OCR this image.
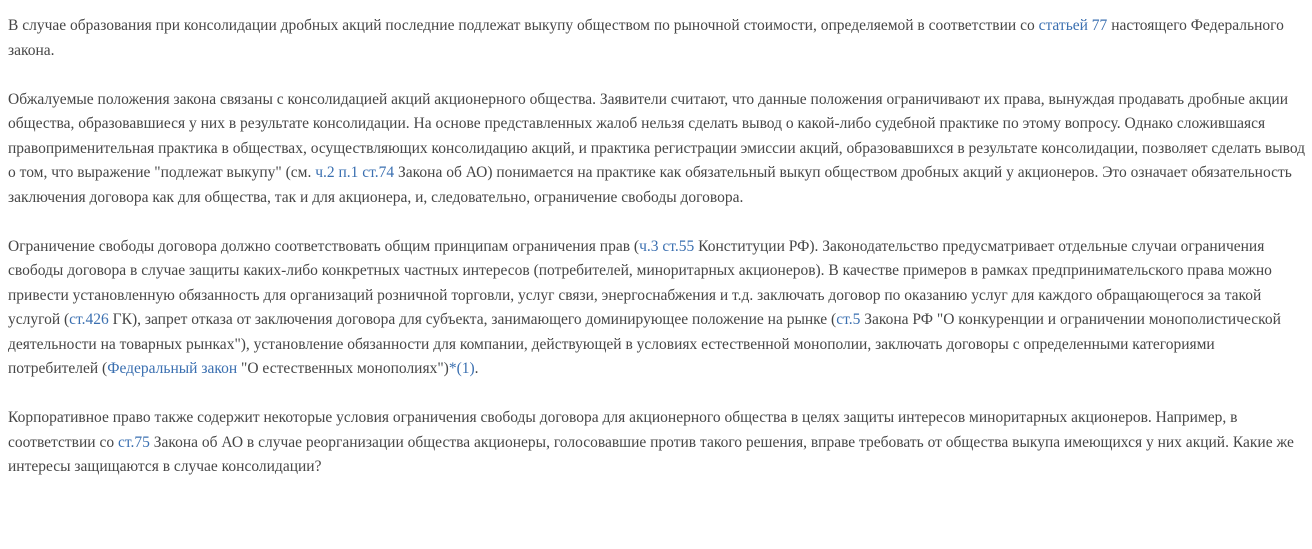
В случае образования при консолидации дробных акций последние подлежат выкупу обществом по рыночной стоимости, определяемой в соответствии со статьей 77 настоящего Федерального закона.

Обжалуемые положения закона связаны с консолидацией акций акционерного общества. Заявители считают, что данные положения ограничивают их права, вынуждая продавать дробные акции общества, образовавшиеся у них в результате консолидации. На основе представленных жалоб нельзя сделать вывод о какой-либо судебной практике по этому вопросу. Однако сложившаяся правоприменительная практика в обществах, осуществляющих консолидацию акций, и практика регистрации эмиссии акций, образовавшихся в результате консолидации, позволяет сделать вывод о том, что выражение "подлежат выкупу" (см. ч.2 п.1 ст.74 Закона об АО) понимается на практике как обязательный выкуп обществом дробных акций у акционеров. Это означает обязательность заключения договора как для общества, так и для акционера, и, следовательно, ограничение свободы договора.

Ограничение свободы договора должно соответствовать общим принципам ограничения прав (ч.3 ст.55 Конституции РФ). Законодательство предусматривает отдельные случаи ограничения свободы договора в случае защиты каких-либо конкретных частных интересов (потребителей, миноритарных акционеров). В качестве примеров в рамках предпринимательского права можно привести установленную обязанность для организаций розничной торговли, услуг связи, энергоснабжения и т.д. заключать договор по оказанию услуг для каждого обращающегося за такой услугой (ст.426 ГК), запрет отказа от заключения договора для субъекта, занимающего доминирующее положение на рынке (ст.5 Закона РФ "О конкуренции и ограничении монополистической деятельности на товарных рынках"), установление обязанности для компании, действующей в условиях естественной монополии, заключать договоры с определенными категориями потребителей (Федеральный закон "О естественных монополиях")*(1).

Корпоративное право также содержит некоторые условия ограничения свободы договора для акционерного общества в целях защиты интересов миноритарных акционеров. Например, в соответствии со ст.75 Закона об АО в случае реорганизации общества акционеры, голосовавшие против такого решения, вправе требовать от общества выкупа имеющихся у них акций. Какие же интересы защищаются в случае консолидации?
